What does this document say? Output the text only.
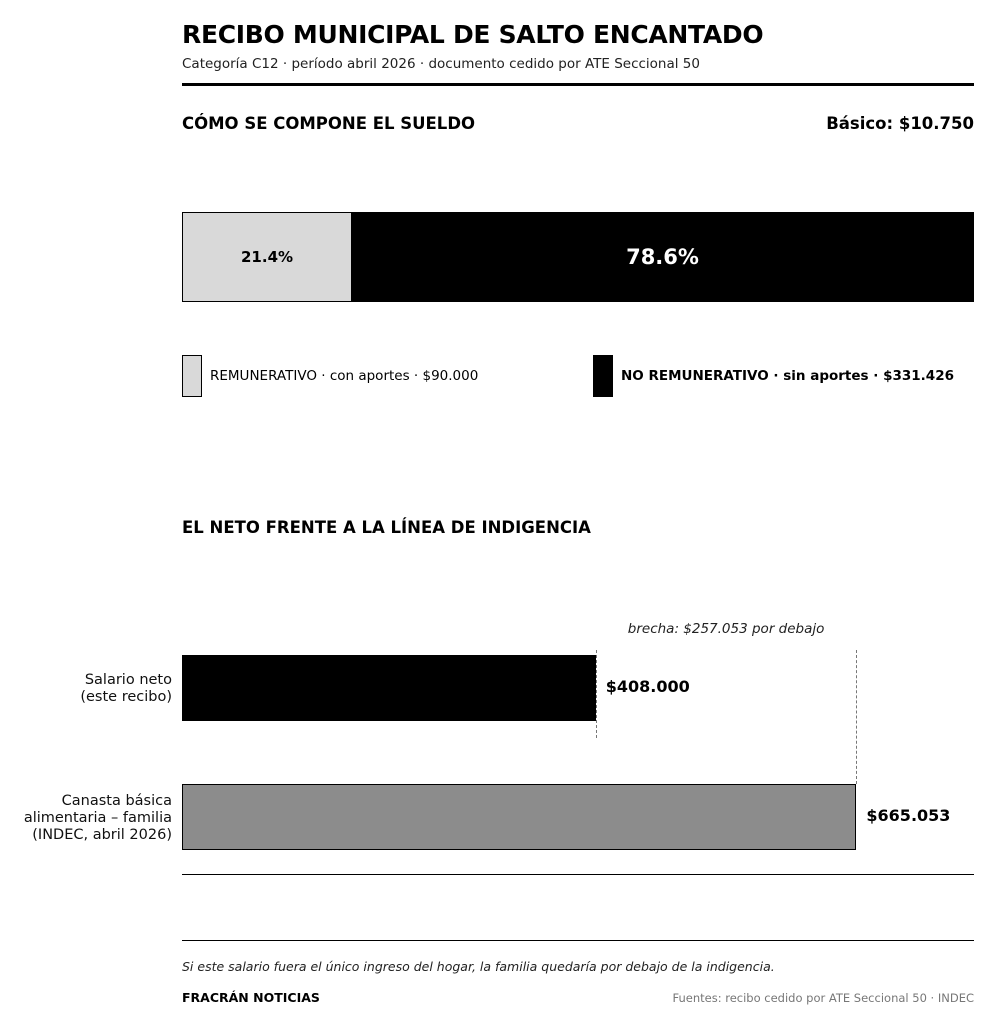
RECIBO MUNICIPAL DE SALTO ENCANTADO
Categoría C12 · período abril 2026 · documento cedido por ATE Seccional 50
CÓMO SE COMPONE EL SUELDO	Básico: $10.750
21.4%	78.6%
REMUNERATIVO · con aportes · $90.000	NO REMUNERATIVO · sin aportes · $331.426
EL NETO FRENTE A LA LÍNEA DE INDIGENCIA
brecha: $257.053 por debajo
Salario neto
(este recibo)
$408.000
Canasta básica
alimentaria – familia
(INDEC, abril 2026)
$665.053
Si este salario fuera el único ingreso del hogar, la familia quedaría por debajo de la indigencia.
FRACRÁN NOTICIAS	Fuentes: recibo cedido por ATE Seccional 50 · INDEC
